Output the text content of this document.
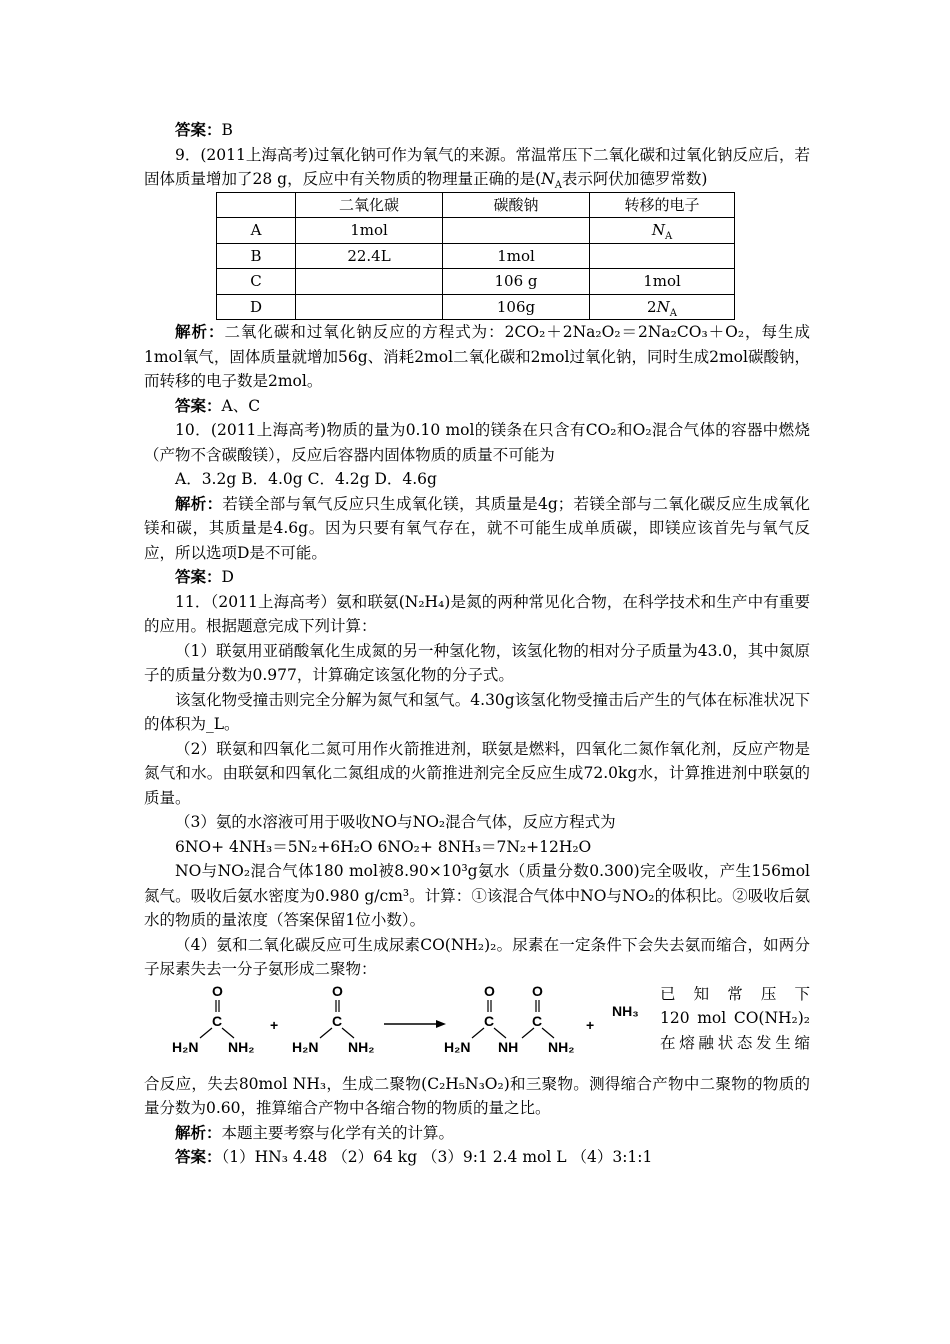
答案：B

9．(2011上海高考)过氧化钠可作为氧气的来源。常温常压下二氧化碳和过氧化钠反应后，若固体质量增加了28 g，反应中有关物质的物理量正确的是($N_A$表示阿伏加德罗常数)

	二氧化碳	碳酸钠	转移的电子
A	1mol		$N_A$
B	22.4L	1mol	
C		106 g	1mol
D		106g	$2N_A$

解析：二氧化碳和过氧化钠反应的方程式为：2CO₂＋2Na₂O₂＝2Na₂CO₃＋O₂，每生成1mol氧气，固体质量就增加56g、消耗2mol二氧化碳和2mol过氧化钠，同时生成2mol碳酸钠，而转移的电子数是2mol。

答案：A、C

10．(2011上海高考)物质的量为0.10 mol的镁条在只含有CO₂和O₂混合气体的容器中燃烧（产物不含碳酸镁），反应后容器内固体物质的质量不可能为

A．3.2g B．4.0g C．4.2g D．4.6g

解析：若镁全部与氧气反应只生成氧化镁，其质量是4g；若镁全部与二氧化碳反应生成氧化镁和碳，其质量是4.6g。因为只要有氧气存在，就不可能生成单质碳，即镁应该首先与氧气反应，所以选项D是不可能。

答案：D

11．（2011上海高考）氨和联氨(N₂H₄)是氮的两种常见化合物，在科学技术和生产中有重要的应用。根据题意完成下列计算：

（1）联氨用亚硝酸氧化生成氮的另一种氢化物，该氢化物的相对分子质量为43.0，其中氮原子的质量分数为0.977，计算确定该氢化物的分子式。

该氢化物受撞击则完全分解为氮气和氢气。4.30g该氢化物受撞击后产生的气体在标准状况下的体积为_L。

（2）联氨和四氧化二氮可用作火箭推进剂，联氨是燃料，四氧化二氮作氧化剂，反应产物是氮气和水。由联氨和四氧化二氮组成的火箭推进剂完全反应生成72.0kg水，计算推进剂中联氨的质量。

（3）氨的水溶液可用于吸收NO与NO₂混合气体，反应方程式为

6NO+ 4NH₃＝5N₂+6H₂O 6NO₂+ 8NH₃＝7N₂+12H₂O

NO与NO₂混合气体180 mol被8.90×10³g氨水（质量分数0.300)完全吸收，产生156mol氮气。吸收后氨水密度为0.980 g/cm³。计算：①该混合气体中NO与NO₂的体积比。②吸收后氨水的物质的量浓度（答案保留1位小数）。

（4）氨和二氧化碳反应可生成尿素CO(NH₂)₂。尿素在一定条件下会失去氨而缩合，如两分子尿素失去一分子氨形成二聚物：

O
C
H₂N NH₂
+
O
C
H₂N NH₂
O
C
H₂N NH
O
C
NH₂
+
NH₃
已知常压下
120 mol CO(NH₂)₂
在熔融状态发生缩

合反应，失去80mol NH₃，生成二聚物(C₂H₅N₃O₂)和三聚物。测得缩合产物中二聚物的物质的量分数为0.60，推算缩合产物中各缩合物的物质的量之比。

解析：本题主要考察与化学有关的计算。

答案：（1）HN₃ 4.48 （2）64 kg （3）9:1 2.4 mol L （4）3:1:1
